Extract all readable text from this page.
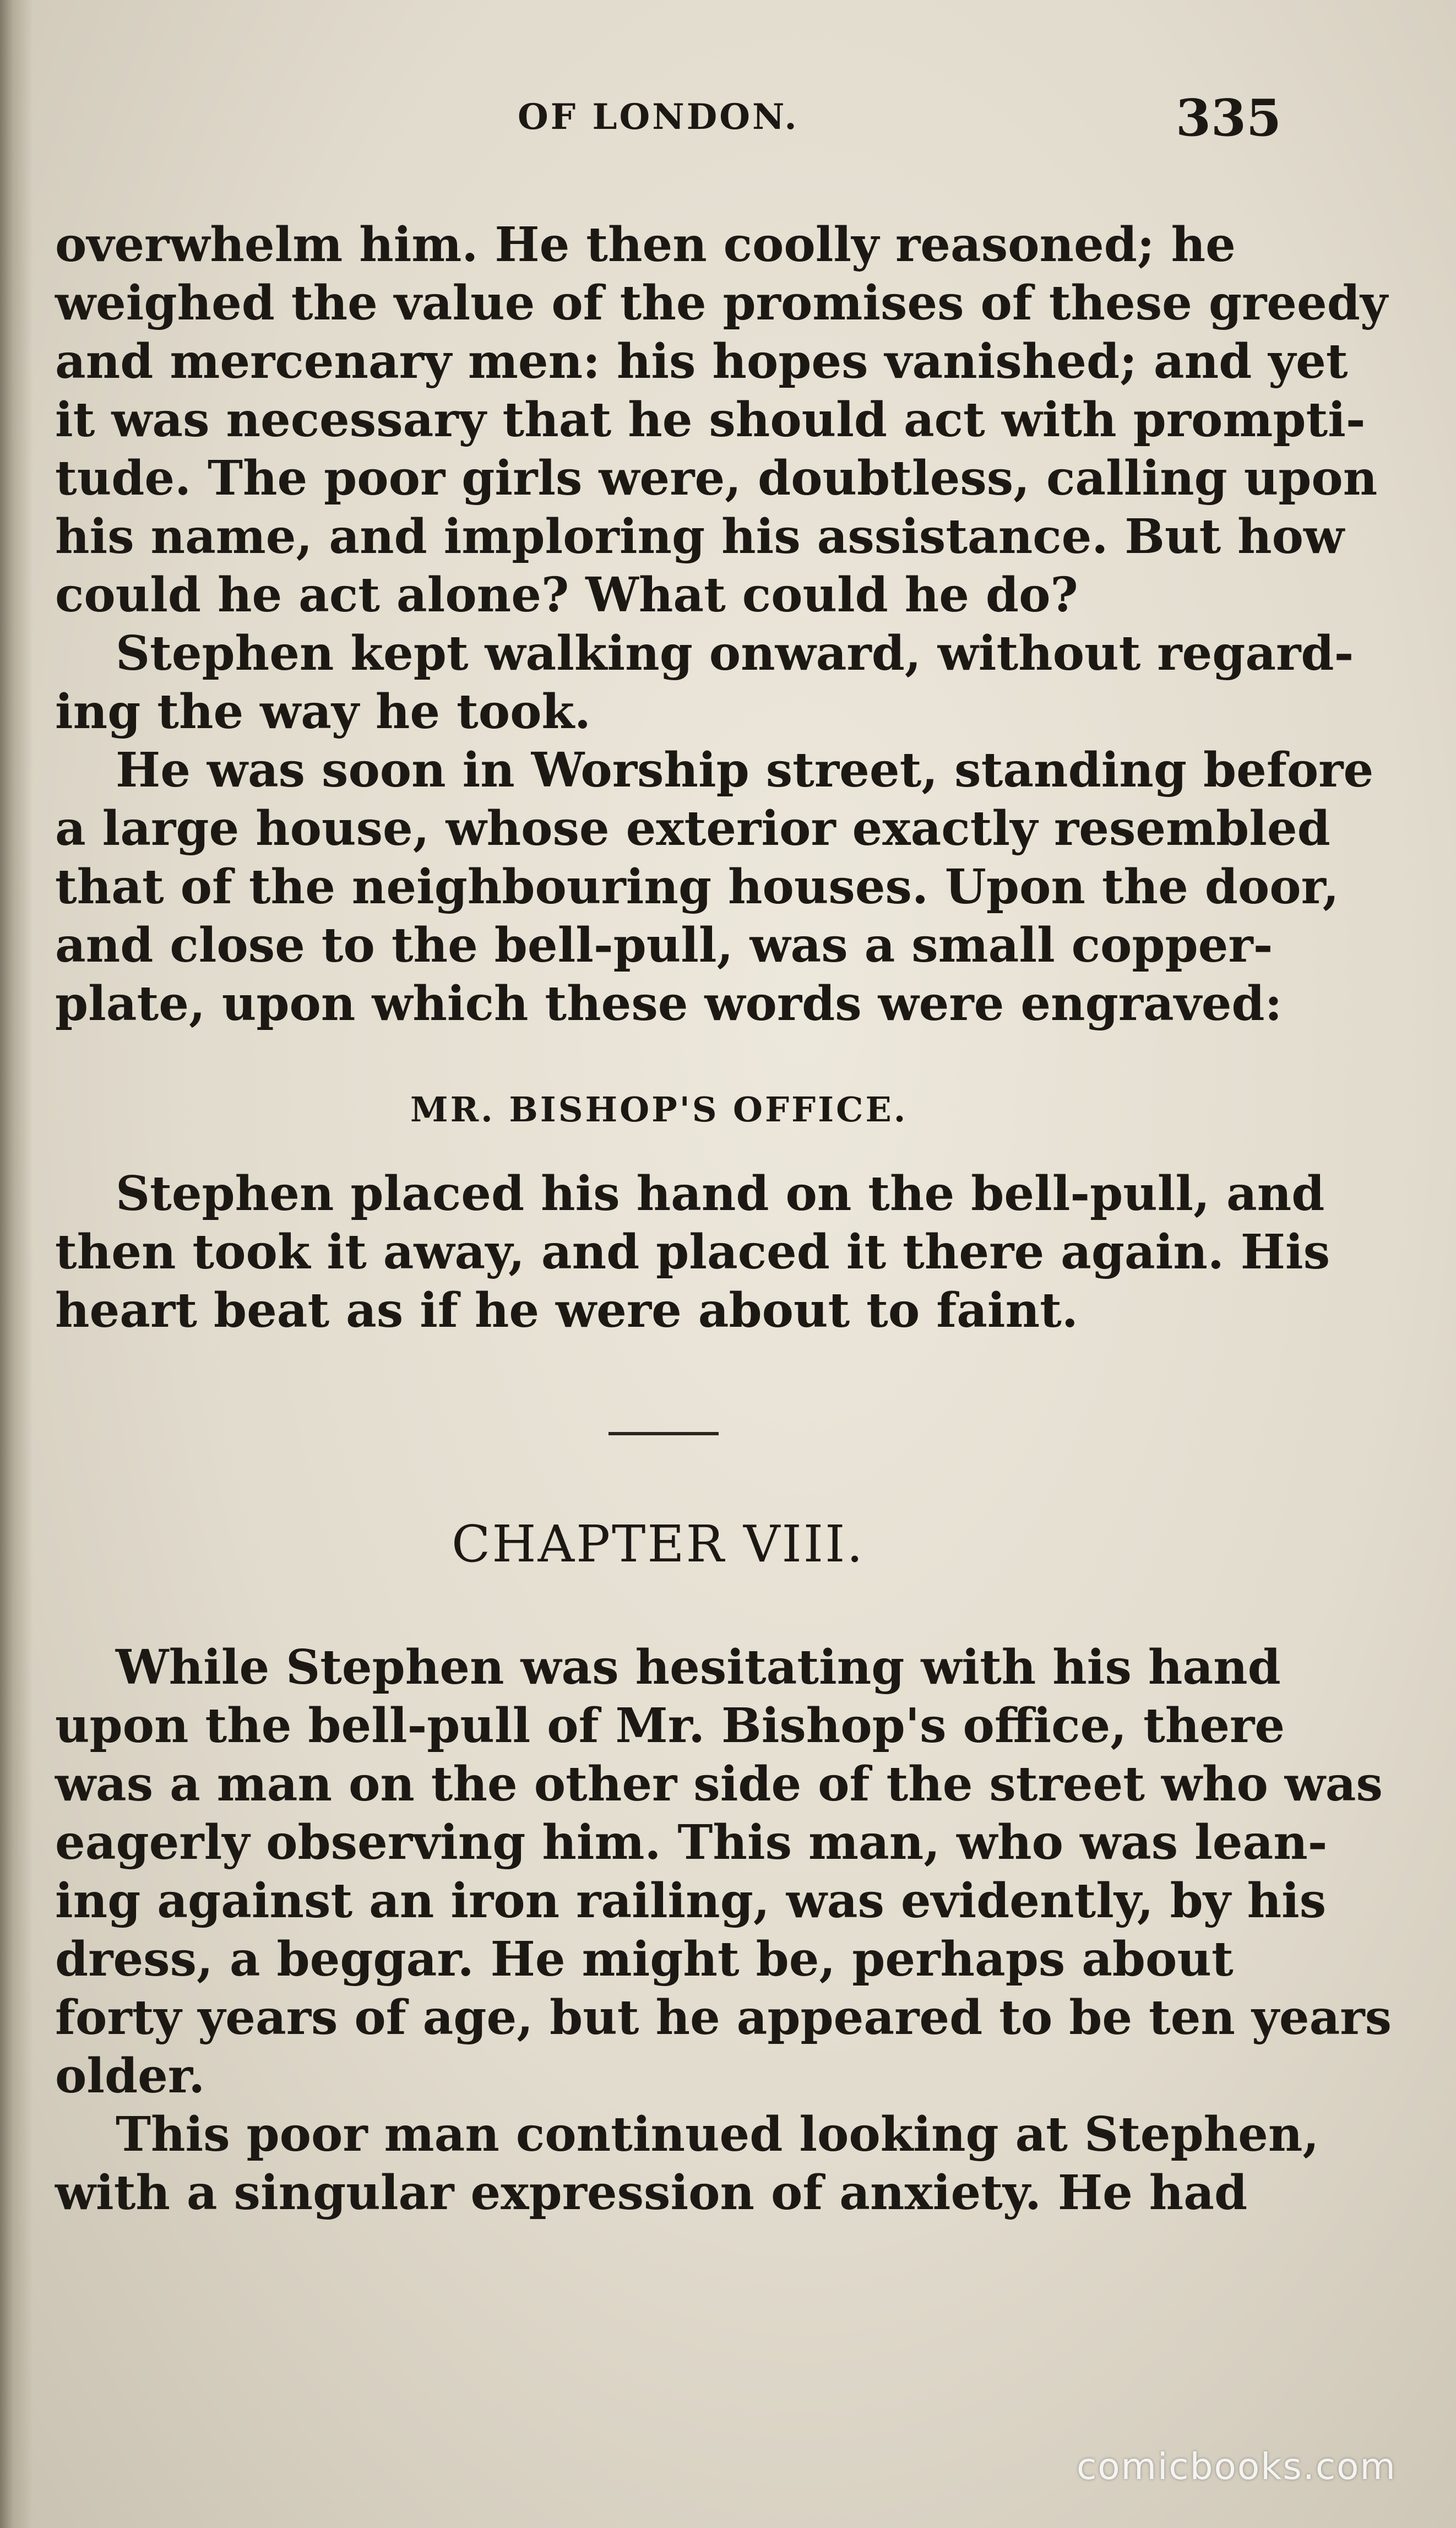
OF LONDON.	335

overwhelm him. He then coolly reasoned; he
weighed the value of the promises of these greedy
and mercenary men: his hopes vanished; and yet
it was necessary that he should act with prompti-
tude. The poor girls were, doubtless, calling upon
his name, and imploring his assistance. But how
could he act alone? What could he do?

Stephen kept walking onward, without regard-
ing the way he took.

He was soon in Worship street, standing before
a large house, whose exterior exactly resembled
that of the neighbouring houses. Upon the door,
and close to the bell-pull, was a small copper-
plate, upon which these words were engraved:

MR. BISHOP'S OFFICE.

Stephen placed his hand on the bell-pull, and
then took it away, and placed it there again. His
heart beat as if he were about to faint.

CHAPTER VIII.

While Stephen was hesitating with his hand
upon the bell-pull of Mr. Bishop's office, there
was a man on the other side of the street who was
eagerly observing him. This man, who was lean-
ing against an iron railing, was evidently, by his
dress, a beggar. He might be, perhaps about
forty years of age, but he appeared to be ten years
older.

This poor man continued looking at Stephen,
with a singular expression of anxiety. He had

comicbooks.com
